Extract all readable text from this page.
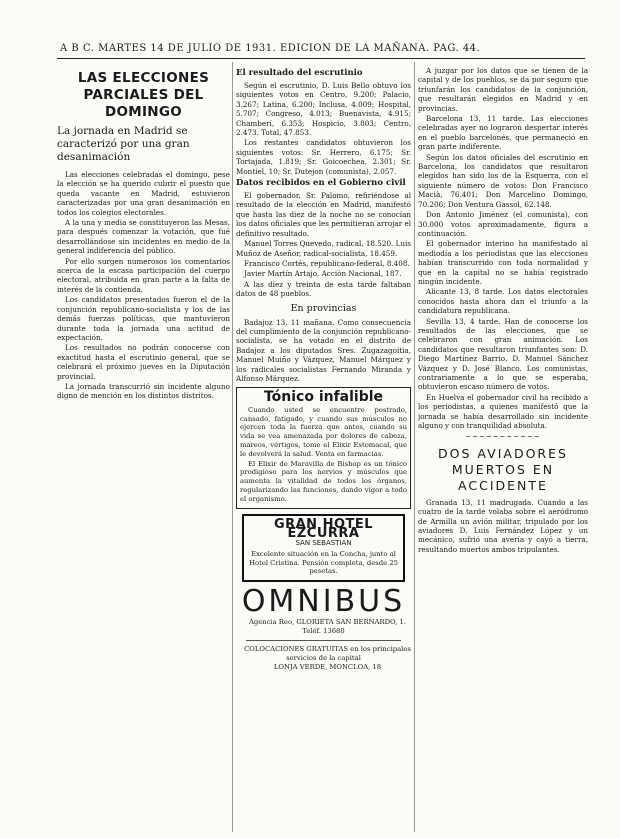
A B C. MARTES 14 DE JULIO DE 1931. EDICION DE LA MAÑANA. PAG. 44.
LAS ELECCIONES PARCIALES DEL DOMINGO
La jornada en Madrid se caracterizó por una gran desanimación

Las elecciones celebradas el domingo, pese la elección se ha querido cubrir el puesto que queda vacante en Madrid, estuvieron caracterizadas por una gran desanimación en todos los colegios electorales.

A la una y media se constituyeron las Mesas, para después comenzar la votación, que fué desarrollándose sin incidentes en medio de la general indiferencia del público.

Por ello surgen numerosos los comentarios acerca de la escasa participación del cuerpo electoral, atribuida en gran parte a la falta de interés de la contienda.

Los candidatos presentados fueron el de la conjunción republicano-socialista y los de las demás fuerzas políticas, que mantuvieron durante toda la jornada una actitud de expectación.

Los resultados no podrán conocerse con exactitud hasta el escrutinio general, que se celebrará el próximo jueves en la Diputación provincial.

La jornada transcurrió sin incidente alguno digno de mención en los distintos distritos.

El resultado del escrutinio

Según el escrutinio, D. Luis Bello obtuvo los siguientes votos en Centro, 9.200; Palacio, 3.267; Latina, 6.200; Inclusa, 4.009; Hospital, 5.707; Congreso, 4.013; Buenavista, 4.915; Chamberí, 6.353; Hospicio, 3.803; Centro, 2.473. Total, 47.853.

Los restantes candidatos obtuvieron los siguientes votos: Sr. Herrero, 6.175; Sr. Tortajada, 1.819; Sr. Goicoechea, 2.301; Sr. Montiel, 10; Sr. Dutejon (comunista), 2.057.

Datos recibidos en el Gobierno civil

El gobernador, Sr. Palomo, refiriéndose al resultado de la elección en Madrid, manifestó que hasta las diez de la noche no se conocían los datos oficiales que les permitieran arrojar el definitivo resultado.

Manuel Torres Quevedo, radical, 18.520. Luis Muñoz de Aseñor, radical-socialista, 18.459.

Francisco Cortés, republicano-federal, 8.408.

Javier Martín Artajo, Acción Nacional, 187.

A las diez y treinta de esta tarde faltaban datos de 48 pueblos.

En provincias

Badajoz 13, 11 mañana. Como consecuencia del cumplimiento de la conjunción republicano-socialista, se ha votado en el distrito de Badajoz a los diputados Sres. Zugazagoitia, Manuel Muiño y Vázquez, Manuel Márquez y los radicales socialistas Fernando Miranda y Alfonso Márquez.

Tónico infalible

Cuando usted se encuentre postrado, cansado, fatigado, y cuando sus músculos no ejercen toda la fuerza que antes, cuando su vida se vea amenazada por dolores de cabeza, mareos, vértigos, tome el Elixir Estomacal, que le devolverá la salud. Venta en farmacias.

El Elixir de Maravilla de Bishop es un tónico prodigioso para los nervios y músculos que aumenta la vitalidad de todos los órganos, regularizando las funciones, dando vigor a todo el organismo.

GRAN HOTEL EZCURRA
SAN SEBASTIAN
Excelente situación en la Concha, junto al Hotel Cristina. Pensión completa, desde 25 pesetas.
OMNIBUS

Agencia Reo, GLORIETA SAN BERNARDO, 1. Teléf. 13680

COLOCACIONES GRATUITAS en los principales servicios de la capital

LONJA VERDE, MONCLOA, 18

A juzgar por los datos que se tienen de la capital y de los pueblos, se da por seguro que triunfarán los candidatos de la conjunción, que resultarán elegidos en Madrid y en provincias.

Barcelona 13, 11 tarde. Las elecciones celebradas ayer no lograron despertar interés en el pueblo barcelonés, que permaneció en gran parte indiferente.

Según los datos oficiales del escrutinio en Barcelona, los candidatos que resultaron elegidos han sido los de la Esquerra, con el siguiente número de votos: Don Francisco Macià, 76.401; Don Marcelino Domingo, 70.206; Don Ventura Gassol, 62.148.

Don Antonio Jiménez (el comunista), con 30.000 votos aproximadamente, figura a continuación.

El gobernador interino ha manifestado al mediodía a los periodistas que las elecciones habían transcurrido con toda normalidad y que en la capital no se había registrado ningún incidente.

Alicante 13, 8 tarde. Los datos electorales conocidos hasta ahora dan el triunfo a la candidatura republicana.

Sevilla 13, 4 tarde. Han de conocerse los resultados de las elecciones, que se celebraron con gran animación. Los candidatos que resultaron triunfantes son: D. Diego Martínez Barrio, D. Manuel Sánchez Vázquez y D. José Blanco. Los comunistas, contrariamente a lo que se esperaba, obtuvieron escaso número de votos.

En Huelva el gobernador civil ha recibido a los periodistas, a quienes manifestó que la jornada se había desarrollado sin incidente alguno y con tranquilidad absoluta.

~~~~~~~~~~~
DOS AVIADORES MUERTOS EN ACCIDENTE

Granada 13, 11 madrugada. Cuando a las cuatro de la tarde volaba sobre el aeródromo de Armilla un avión militar, tripulado por los aviadores D. Luis Fernández López y un mecánico, sufrió una avería y cayó a tierra, resultando muertos ambos tripulantes.
